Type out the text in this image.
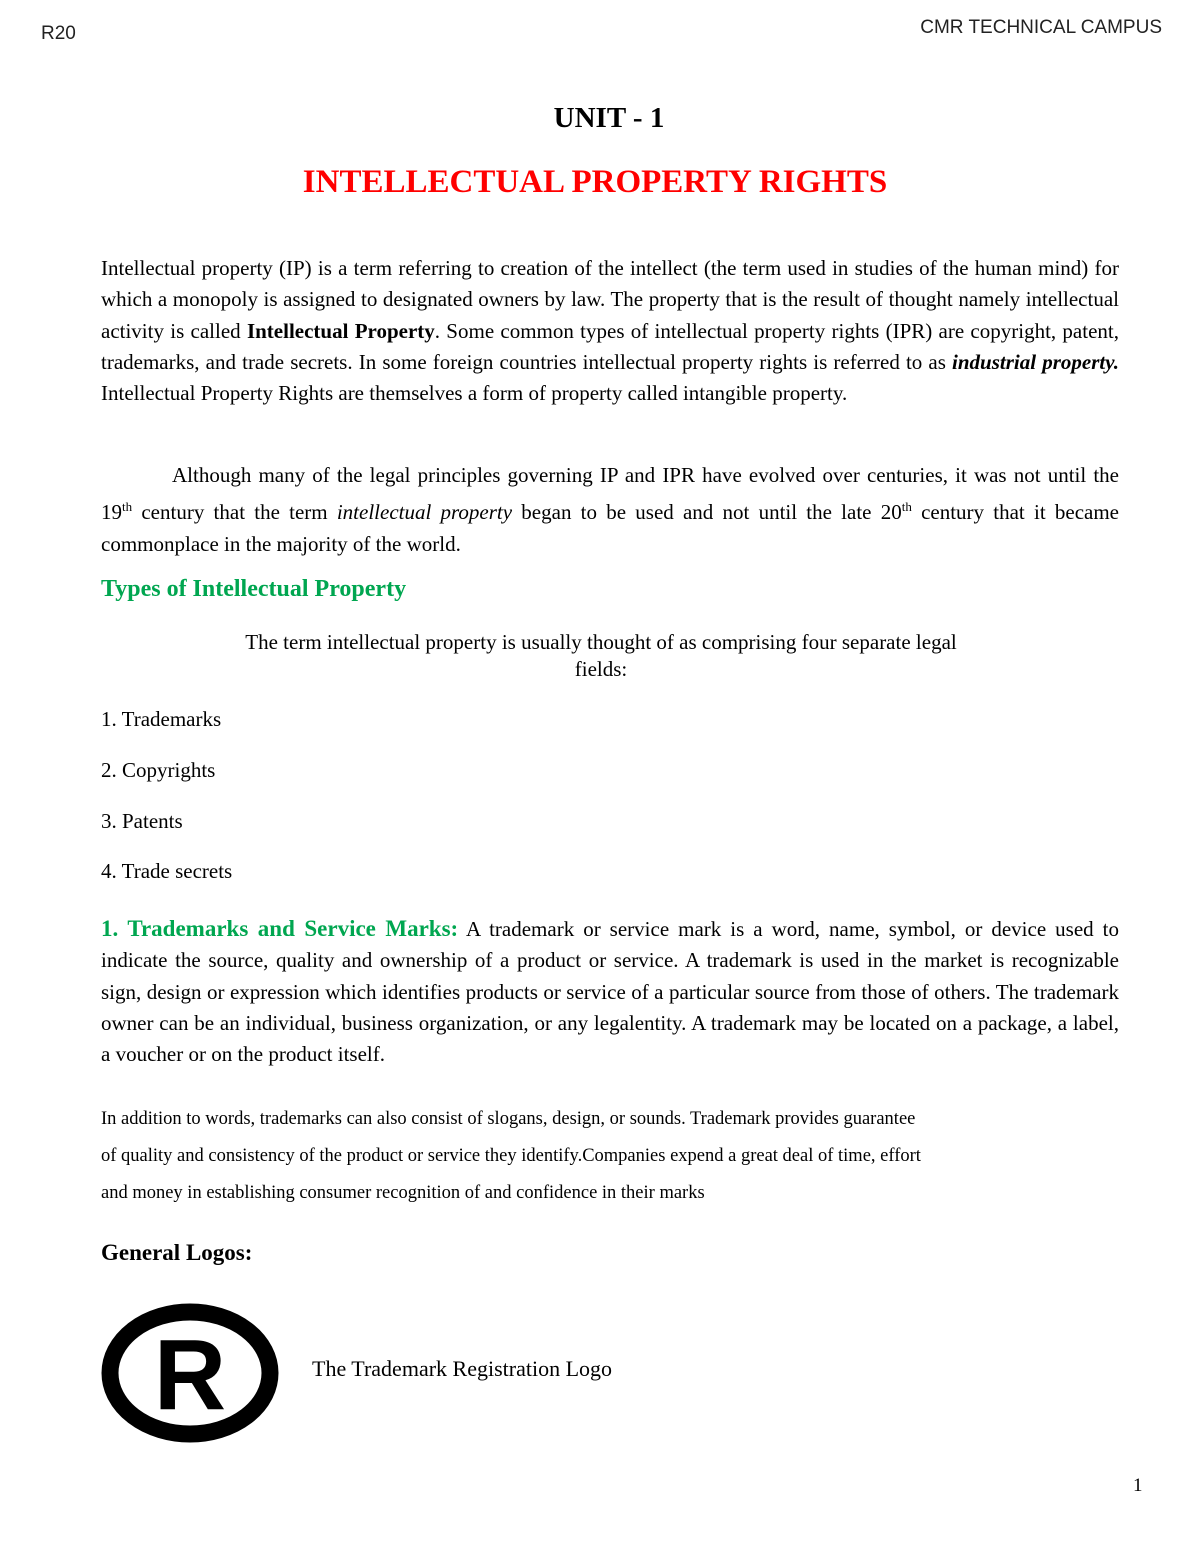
R20	CMR TECHNICAL CAMPUS
UNIT - 1
INTELLECTUAL PROPERTY RIGHTS

Intellectual property (IP) is a term referring to creation of the intellect (the term used in studies of the human mind) for which a monopoly is assigned to designated owners by law. The property that is the result of thought namely intellectual activity is called Intellectual Property. Some common types of intellectual property rights (IPR) are copyright, patent, trademarks, and trade secrets. In some foreign countries intellectual property rights is referred to as industrial property. Intellectual Property Rights are themselves a form of property called intangible property.

Although many of the legal principles governing IP and IPR have evolved over centuries, it was not until the 19th century that the term intellectual property began to be used and not until the late 20th century that it became commonplace in the majority of the world.

Types of Intellectual Property
The term intellectual property is usually thought of as comprising four separate legal
fields:
1. Trademarks
2. Copyrights
3. Patents
4. Trade secrets

1. Trademarks and Service Marks: A trademark or service mark is a word, name, symbol, or device used to indicate the source, quality and ownership of a product or service. A trademark is used in the market is recognizable sign, design or expression which identifies products or service of a particular source from those of others. The trademark owner can be an individual, business organization, or any legalentity. A trademark may be located on a package, a label, a voucher or on the product itself.

In addition to words, trademarks can also consist of slogans, design, or sounds. Trademark provides guarantee
of quality and consistency of the product or service they identify.Companies expend a great deal of time, effort
and money in establishing consumer recognition of and confidence in their marks
General Logos:
R	The Trademark Registration Logo
1
